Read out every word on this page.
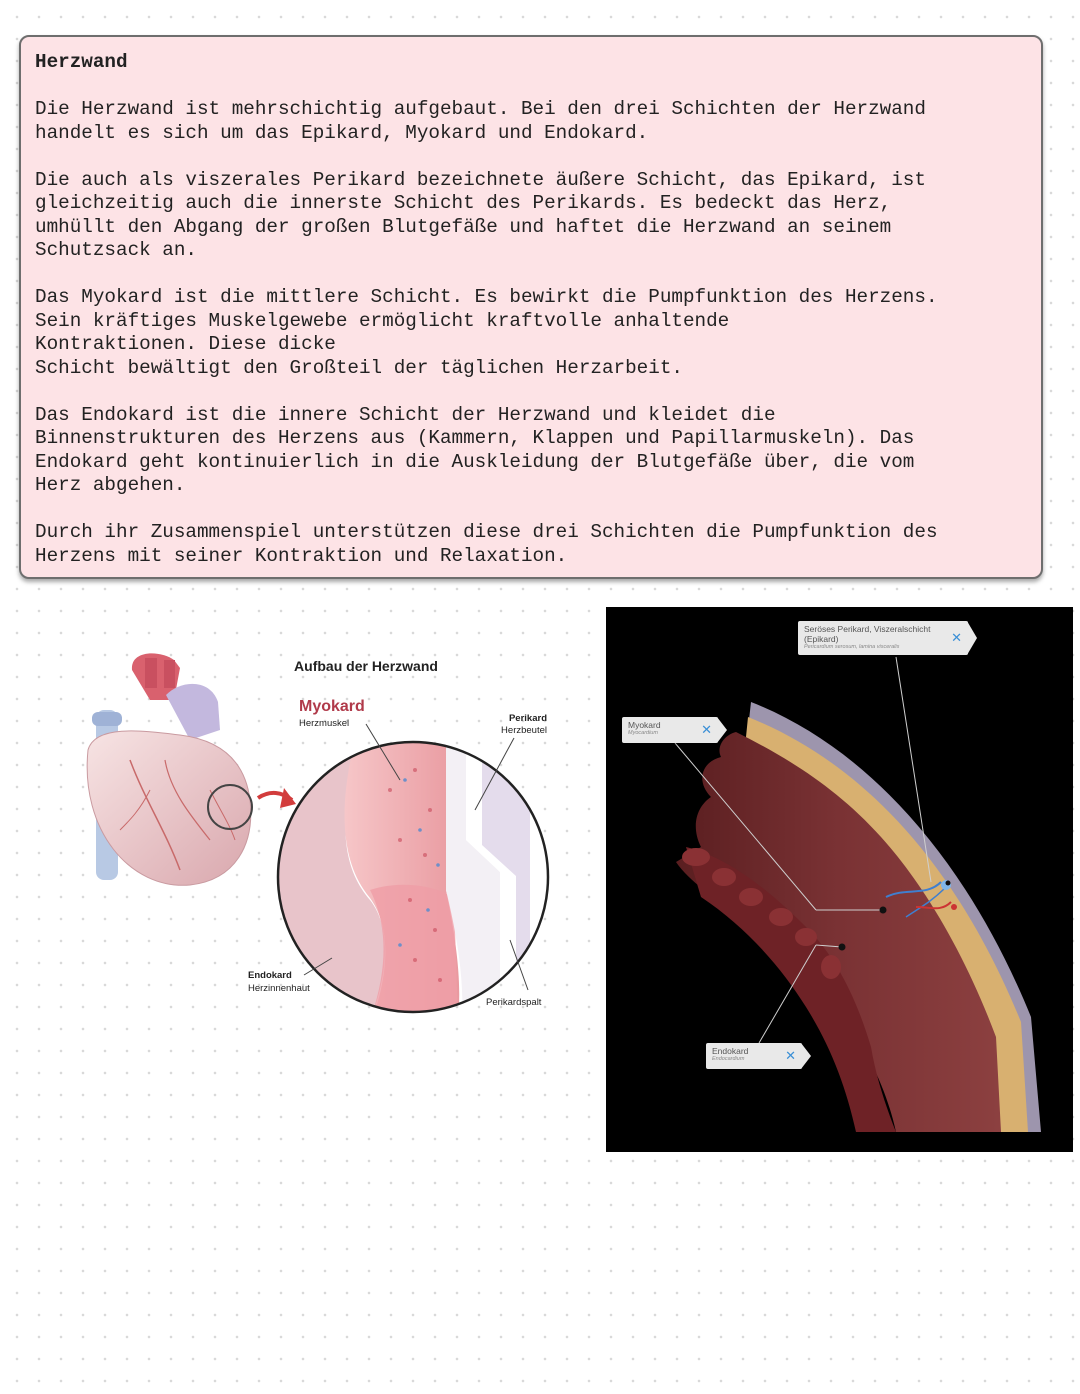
Herzwand

Die Herzwand ist mehrschichtig aufgebaut. Bei den drei Schichten der Herzwand
handelt es sich um das Epikard, Myokard und Endokard.

Die auch als viszerales Perikard bezeichnete äußere Schicht, das Epikard, ist
gleichzeitig auch die innerste Schicht des Perikards. Es bedeckt das Herz,
umhüllt den Abgang der großen Blutgefäße und haftet die Herzwand an seinem
Schutzsack an.

Das Myokard ist die mittlere Schicht. Es bewirkt die Pumpfunktion des Herzens.
Sein kräftiges Muskelgewebe ermöglicht kraftvolle anhaltende
Kontraktionen. Diese dicke
Schicht bewältigt den Großteil der täglichen Herzarbeit.

Das Endokard ist die innere Schicht der Herzwand und kleidet die
Binnenstrukturen des Herzens aus (Kammern, Klappen und Papillarmuskeln). Das
Endokard geht kontinuierlich in die Auskleidung der Blutgefäße über, die vom
Herz abgehen.

Durch ihr Zusammenspiel unterstützen diese drei Schichten die Pumpfunktion des
Herzens mit seiner Kontraktion und Relaxation.

Aufbau der Herzwand
Myokard
Herzmuskel	Perikard
Herzbeutel
Endokard
Herzinnenhaut
Perikardspalt
Seröses Perikard, Viszeralschicht
(Epikard)
Pericardium serosum, lamina visceralis
✕
Myokard
Myocardium	✕
Endokard
Endocardium	✕
